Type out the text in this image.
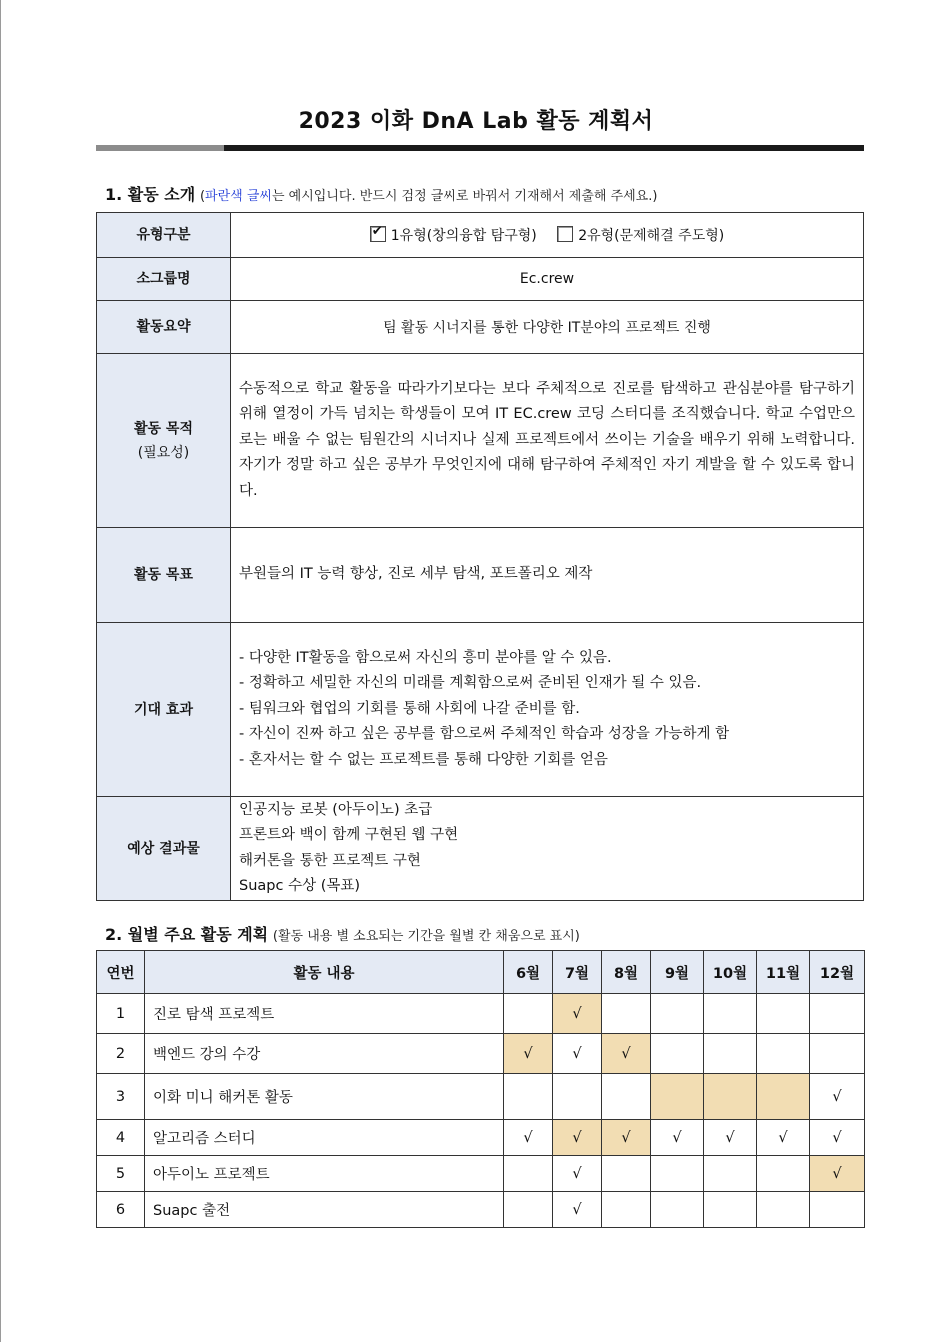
2023 이화 DnA Lab 활동 계획서
1. 활동 소개 (파란색 글씨는 예시입니다. 반드시 검정 글씨로 바꿔서 기재해서 제출해 주세요.)
유형구분	✔1유형(창의융합 탐구형) 2유형(문제해결 주도형)
소그룹명	Ec.crew
활동요약	팀 활동 시너지를 통한 다양한 IT분야의 프로젝트 진행

활동 목적
(필요성)	수동적으로 학교 활동을 따라가기보다는 보다 주체적으로 진로를 탐색하고 관심분야를 탐구하기 위해 열정이 가득 넘치는 학생들이 모여 IT EC.crew 코딩 스터디를 조직했습니다. 학교 수업만으로는 배울 수 없는 팀원간의 시너지나 실제 프로젝트에서 쓰이는 기술을 배우기 위해 노력합니다. 자기가 정말 하고 싶은 공부가 무엇인지에 대해 탐구하여 주체적인 자기 계발을 할 수 있도록 합니다.
활동 목표	부원들의 IT 능력 향상, 진로 세부 탐색, 포트폴리오 제작
기대 효과	- 다양한 IT활동을 함으로써 자신의 흥미 분야를 알 수 있음.
- 정확하고 세밀한 자신의 미래를 계획함으로써 준비된 인재가 될 수 있음.
- 팀워크와 협업의 기회를 통해 사회에 나갈 준비를 함.
- 자신이 진짜 하고 싶은 공부를 함으로써 주체적인 학습과 성장을 가능하게 함
- 혼자서는 할 수 없는 프로젝트를 통해 다양한 기회를 얻음

예상 결과물	인공지능 로봇 (아두이노) 초급
프론트와 백이 함께 구현된 웹 구현
해커톤을 통한 프로젝트 구현
Suapc 수상 (목표)
2. 월별 주요 활동 계획 (활동 내용 별 소요되는 기간을 월별 칸 채움으로 표시)
연번	활동 내용	6월	7월	8월	9월	10월	11월	12월
1	진로 탐색 프로젝트		√					
2	백엔드 강의 수강	√	√	√				
3	이화 미니 해커톤 활동							√
4	알고리즘 스터디	√	√	√	√	√	√	√
5	아두이노 프로젝트		√					√
6	Suapc 출전		√					
